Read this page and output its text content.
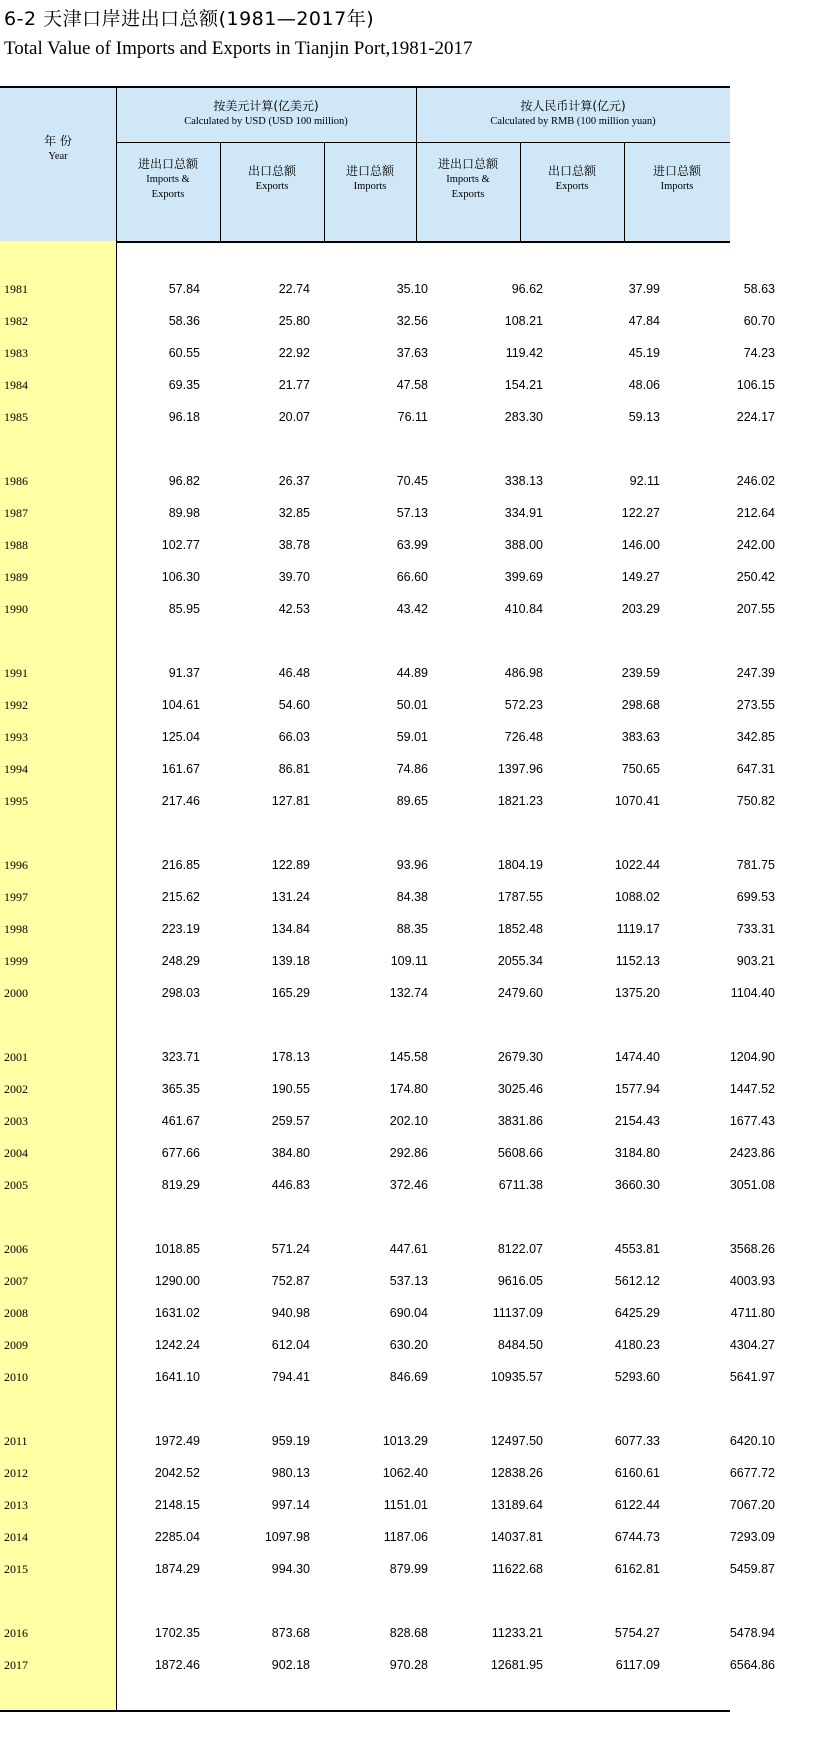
6-2 天津口岸进出口总额(1981—2017年)
Total Value of Imports and Exports in Tianjin Port,1981-2017
年 份
Year
按美元计算(亿美元)
Calculated by USD (USD 100 million)
按人民币计算(亿元)
Calculated by RMB (100 million yuan)
进出口总额
Imports &
Exports
出口总额
Exports
进口总额
Imports
进出口总额
Imports &
Exports
出口总额
Exports
进口总额
Imports
1981	57.84	22.74	35.10	96.62	37.99	58.63
1982	58.36	25.80	32.56	108.21	47.84	60.70
1983	60.55	22.92	37.63	119.42	45.19	74.23
1984	69.35	21.77	47.58	154.21	48.06	106.15
1985	96.18	20.07	76.11	283.30	59.13	224.17
1986	96.82	26.37	70.45	338.13	92.11	246.02
1987	89.98	32.85	57.13	334.91	122.27	212.64
1988	102.77	38.78	63.99	388.00	146.00	242.00
1989	106.30	39.70	66.60	399.69	149.27	250.42
1990	85.95	42.53	43.42	410.84	203.29	207.55
1991	91.37	46.48	44.89	486.98	239.59	247.39
1992	104.61	54.60	50.01	572.23	298.68	273.55
1993	125.04	66.03	59.01	726.48	383.63	342.85
1994	161.67	86.81	74.86	1397.96	750.65	647.31
1995	217.46	127.81	89.65	1821.23	1070.41	750.82
1996	216.85	122.89	93.96	1804.19	1022.44	781.75
1997	215.62	131.24	84.38	1787.55	1088.02	699.53
1998	223.19	134.84	88.35	1852.48	1119.17	733.31
1999	248.29	139.18	109.11	2055.34	1152.13	903.21
2000	298.03	165.29	132.74	2479.60	1375.20	1104.40
2001	323.71	178.13	145.58	2679.30	1474.40	1204.90
2002	365.35	190.55	174.80	3025.46	1577.94	1447.52
2003	461.67	259.57	202.10	3831.86	2154.43	1677.43
2004	677.66	384.80	292.86	5608.66	3184.80	2423.86
2005	819.29	446.83	372.46	6711.38	3660.30	3051.08
2006	1018.85	571.24	447.61	8122.07	4553.81	3568.26
2007	1290.00	752.87	537.13	9616.05	5612.12	4003.93
2008	1631.02	940.98	690.04	11137.09	6425.29	4711.80
2009	1242.24	612.04	630.20	8484.50	4180.23	4304.27
2010	1641.10	794.41	846.69	10935.57	5293.60	5641.97
2011	1972.49	959.19	1013.29	12497.50	6077.33	6420.10
2012	2042.52	980.13	1062.40	12838.26	6160.61	6677.72
2013	2148.15	997.14	1151.01	13189.64	6122.44	7067.20
2014	2285.04	1097.98	1187.06	14037.81	6744.73	7293.09
2015	1874.29	994.30	879.99	11622.68	6162.81	5459.87
2016	1702.35	873.68	828.68	11233.21	5754.27	5478.94
2017	1872.46	902.18	970.28	12681.95	6117.09	6564.86
